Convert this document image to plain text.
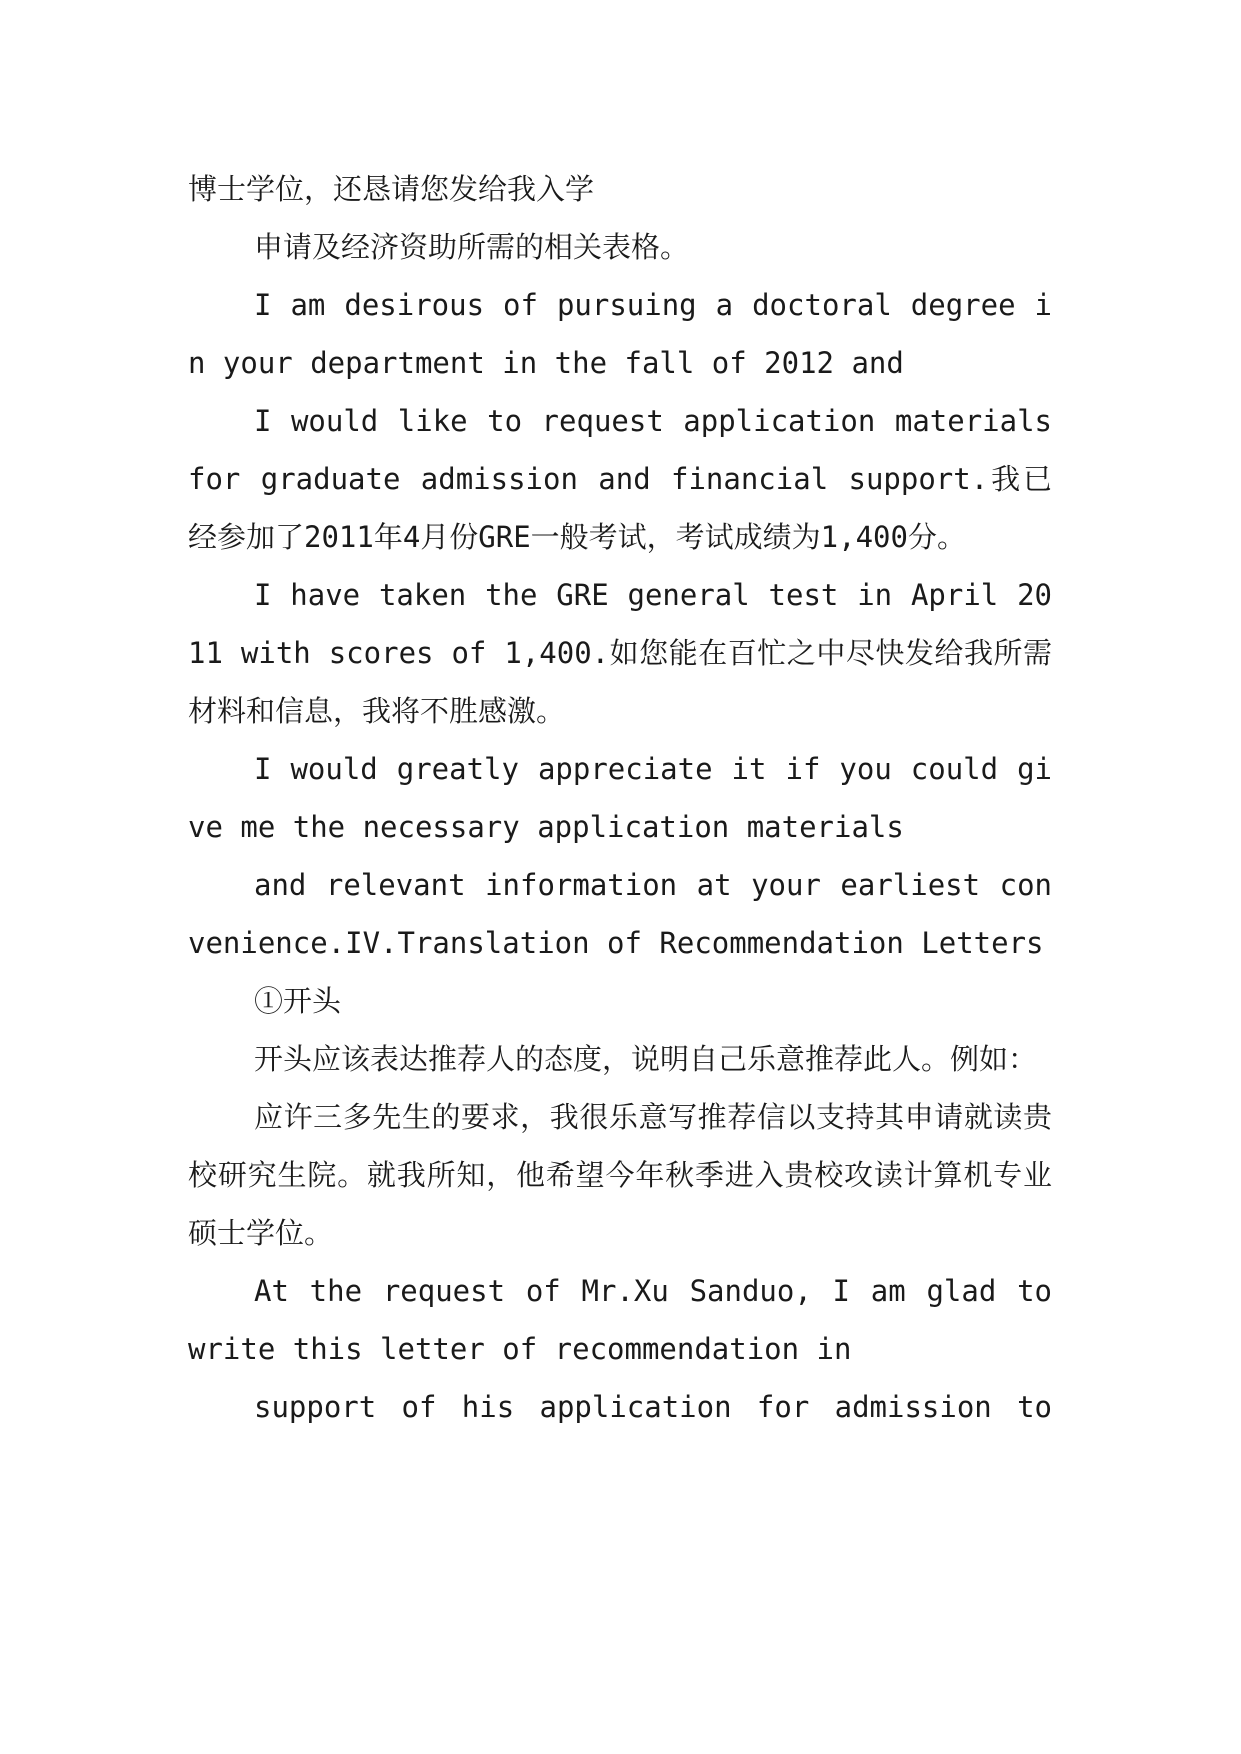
博士学位，还恳请您发给我入学

申请及经济资助所需的相关表格。

I am desirous of pursuing a doctoral degree in your department in the fall of 2012 and

I would like to request application materials for graduate admission and financial support.我已经参加了2011年4月份GRE一般考试，考试成绩为1,400分。

I have taken the GRE general test in April 2011 with scores of 1,400.如您能在百忙之中尽快发给我所需材料和信息，我将不胜感激。

I would greatly appreciate it if you could give me the necessary application materials

and relevant information at your earliest convenience.IV.Translation of Recommendation Letters

①开头

开头应该表达推荐人的态度，说明自己乐意推荐此人。例如：

应许三多先生的要求，我很乐意写推荐信以支持其申请就读贵校研究生院。就我所知，他希望今年秋季进入贵校攻读计算机专业硕士学位。

At the request of Mr.Xu Sanduo, I am glad to write this letter of recommendation in

support of his application for admission to
